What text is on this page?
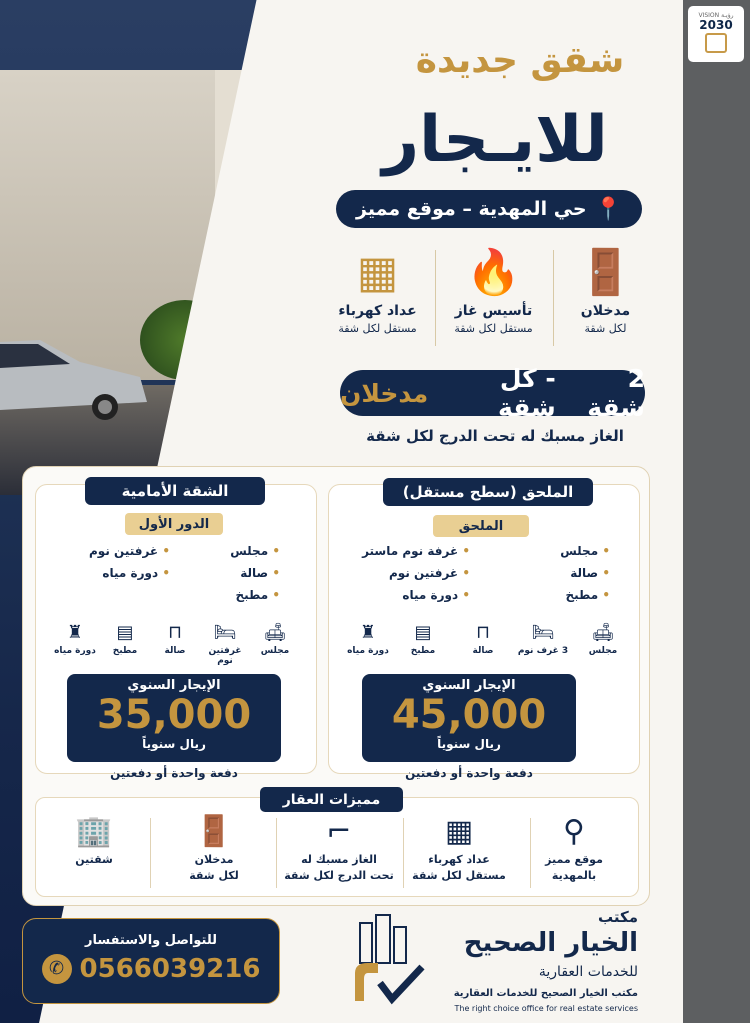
VISION رؤيـة
2030
شقق جديدة
للايـجار
📍
حي المهدية – موقع مميز
🚪
مدخلان
لكل شقة
🔥
تأسيس غاز
مستقل لكل شقة
▦
عداد كهرباء
مستقل لكل شقة
2 شقة
- كل شقة
مدخلان
الغاز مسبك له تحت الدرج لكل شقة
الملحق (سطح مستقل)
الملحق
• مجلس
• صالة
• مطبخ
• غرفة نوم ماستر
• غرفتين نوم
• دورة مياه
🛋
مجلس
🛏
3 غرف نوم
⊓
صالة
▤
مطبخ
♜
دورة مياه
الإيجار السنوي
45,000
ريال سنوياً
دفعة واحدة أو دفعتين
الشقة الأمامية
الدور الأول
• مجلس
• صالة
• مطبخ
• غرفتين نوم
• دورة مياه
🛋
مجلس
🛏
غرفتين نوم
⊓
صالة
▤
مطبخ
♜
دورة مياه
الإيجار السنوي
35,000
ريال سنوياً
دفعة واحدة أو دفعتين
مميزات العقار
⚲
موقع مميز
بالمهدية
▦
عداد كهرباء
مستقل لكل شقة
⌐
الغاز مسبك له
تحت الدرج لكل شقة
🚪
مدخلان
لكل شقة
🏢
شقتين
للتواصل والاستفسار
✆ 0566039216
مكتب
الخيار الصحيح
للخدمات العقارية
مكتب الخيار الصحيح للخدمات العقارية
The right choice office for real estate services
